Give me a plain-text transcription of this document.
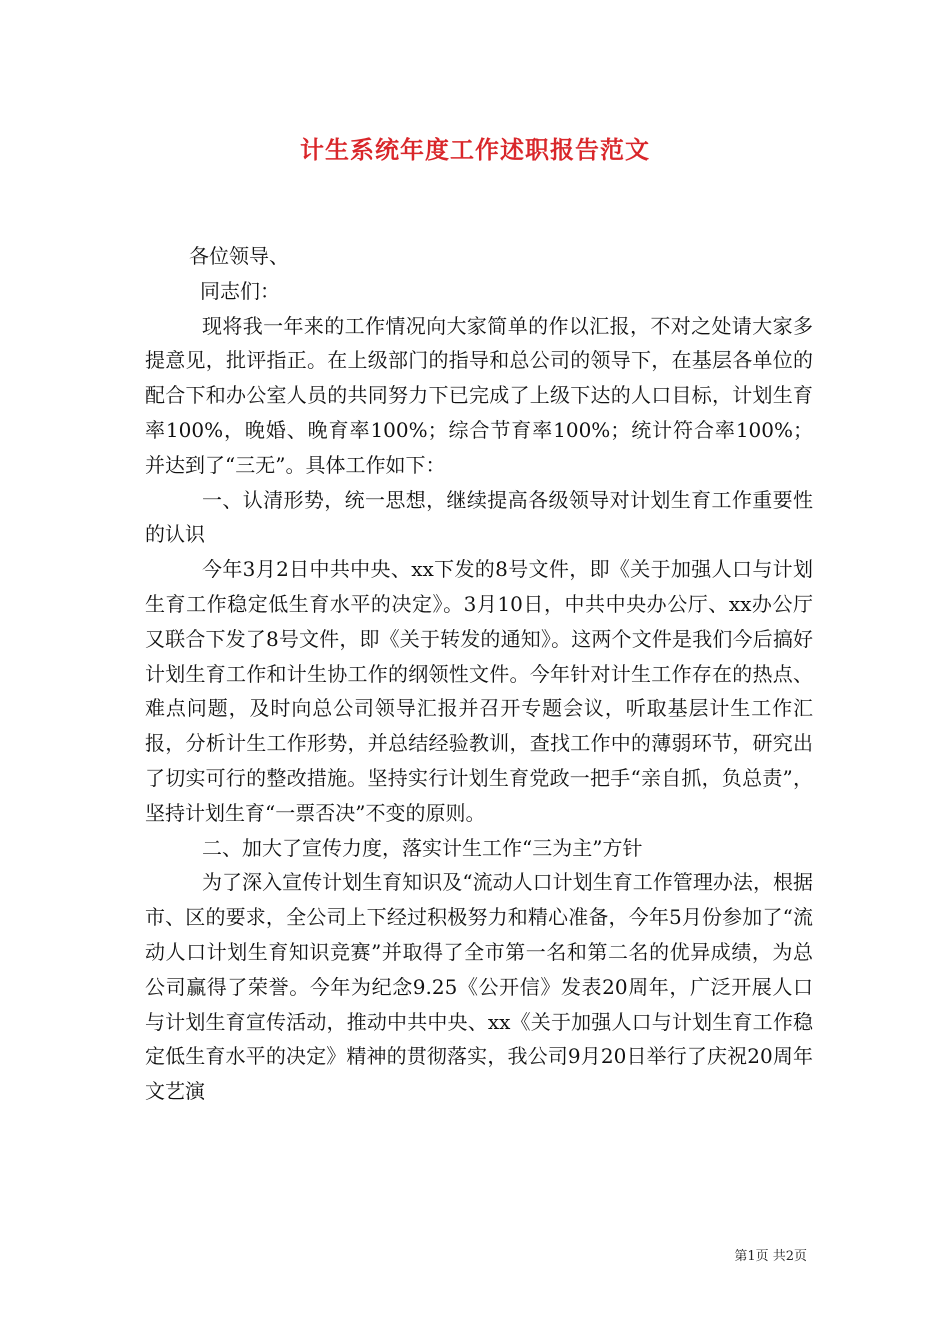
计生系统年度工作述职报告范文

各位领导、

同志们：

现将我一年来的工作情况向大家简单的作以汇报，不对之处请大家多提意见，批评指正。在上级部门的指导和总公司的领导下，在基层各单位的配合下和办公室人员的共同努力下已完成了上级下达的人口目标，计划生育率100%，晚婚、晚育率100%；综合节育率100%；统计符合率100%；并达到了“三无”。具体工作如下：

一、认清形势，统一思想，继续提高各级领导对计划生育工作重要性的认识

今年3月2日中共中央、xx下发的8号文件，即《关于加强人口与计划生育工作稳定低生育水平的决定》。3月10日，中共中央办公厅、xx办公厅又联合下发了8号文件，即《关于转发的通知》。这两个文件是我们今后搞好计划生育工作和计生协工作的纲领性文件。今年针对计生工作存在的热点、难点问题，及时向总公司领导汇报并召开专题会议，听取基层计生工作汇报，分析计生工作形势，并总结经验教训，查找工作中的薄弱环节，研究出了切实可行的整改措施。坚持实行计划生育党政一把手“亲自抓，负总责”，坚持计划生育“一票否决”不变的原则。

二、加大了宣传力度，落实计生工作“三为主”方针

为了深入宣传计划生育知识及“流动人口计划生育工作管理办法，根据市、区的要求，全公司上下经过积极努力和精心准备，今年5月份参加了“流动人口计划生育知识竞赛”并取得了全市第一名和第二名的优异成绩，为总公司赢得了荣誉。今年为纪念9.25《公开信》发表20周年，广泛开展人口与计划生育宣传活动，推动中共中央、xx《关于加强人口与计划生育工作稳定低生育水平的决定》精神的贯彻落实，我公司9月20日举行了庆祝20周年文艺演

第1页 共2页
